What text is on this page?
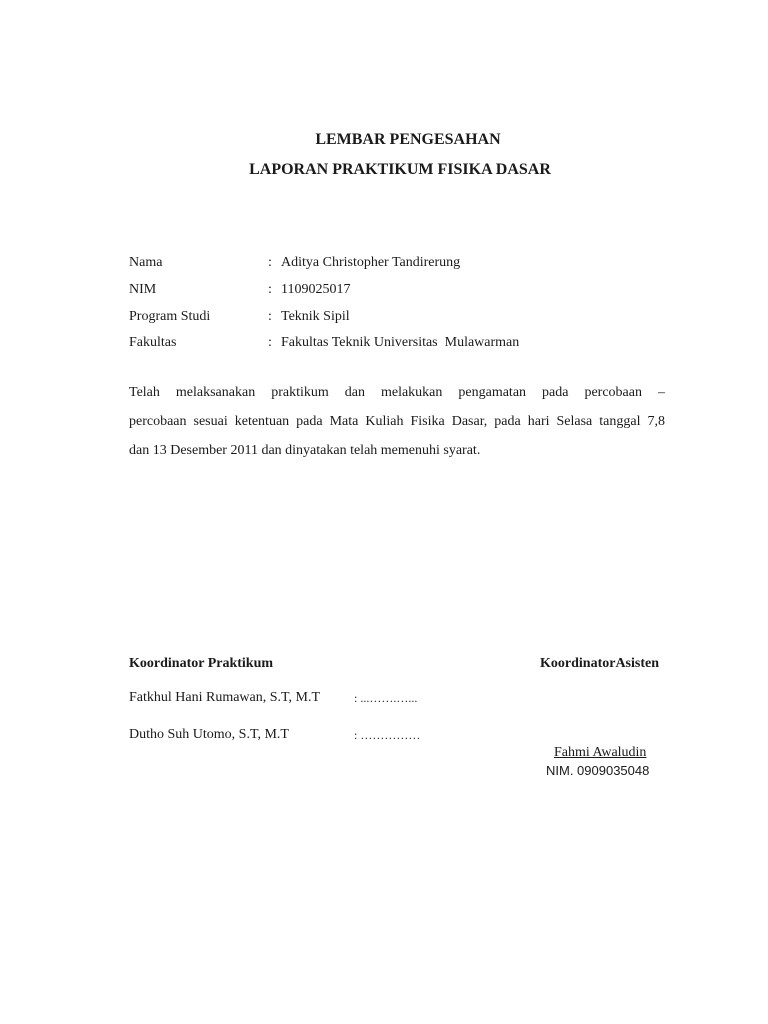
LEMBAR PENGESAHAN
LAPORAN PRAKTIKUM FISIKA DASAR
Nama	: Aditya Christopher Tandirerung
NIM	: 1109025017
Program Studi	: Teknik Sipil
Fakultas	: Fakultas Teknik Universitas  Mulawarman
Telah melaksanakan praktikum dan melakukan pengamatan pada percobaan –
percobaan sesuai ketentuan pada Mata Kuliah Fisika Dasar, pada hari Selasa tanggal 7,8
dan 13 Desember 2011 dan dinyatakan telah memenuhi syarat.
Koordinator Praktikum	KoordinatorAsisten
Fatkhul Hani Rumawan, S.T, M.T	: ...…….…...
Dutho Suh Utomo, S.T, M.T	: ……………
Fahmi Awaludin
NIM. 0909035048
